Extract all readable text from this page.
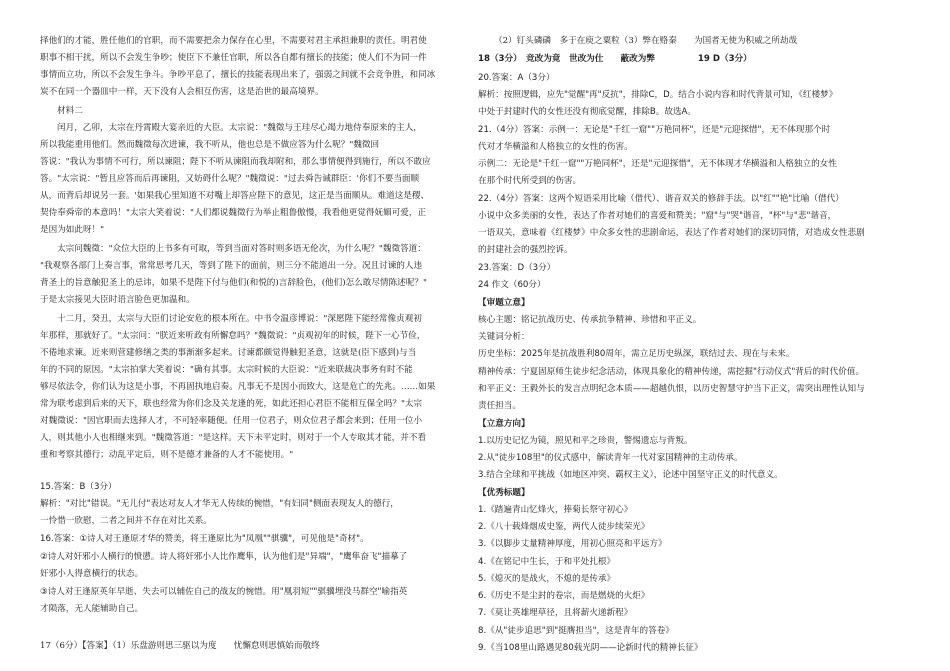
择他们的才能，胜任他们的官职，而不需要把余力保存在心里，不需要对君主承担兼职的责任。明君使
职事不相干扰，所以不会发生争吵；使臣下不兼任官职，所以各自都有擅长的技能；使人们不为同一件
事情而立功，所以不会发生争斗。争吵平息了，擅长的技能表现出来了，强弱之间就不会竞争胜，和同冰
炭不在同一个器皿中一样，天下没有人会相互伤害，这是治世的最高境界。
材料二
闰月，乙卯，太宗在丹霄殿大宴亲近的大臣。太宗说："魏徵与王珪尽心竭力地侍奉原来的主人，
所以我能重用他们。然而魏徵每次进谏，我不听从，他也总是不做应答为什么呢？"魏徵回
答说："我认为事情不可行，所以谏阻；陛下不听从谏阻而我却附和，那么事情便得到施行，所以不敢应
答。"太宗说："暂且应答而后再谏阻，又妨碍什么呢？"魏徵说："过去舜告诫群臣：'你们不要当面顺
从，而背后却说另一套。'如果我心里知道不对嘴上却答应陛下的意见，这正是当面顺从。难道这是稷、
契侍奉舜帝的本意吗！"太宗大笑着说："人们都说魏徵行为举止粗鲁傲慢，我看他更觉得妩媚可爱，正
是因为如此呀！"
太宗问魏徵："众位大臣的上书多有可取，等到当面对答时则多语无伦次，为什么呢？"魏徵答道：
"我观察各部门上奏言事，常常思考几天，等到了陛下的面前，则三分不能道出一分。况且讨谏的人违
背圣上的旨意触犯圣上的忌讳，如果不是陛下付与他们(和悦的)言辞脸色，(他们)怎么敢尽情陈述呢？"
于是太宗接见大臣时语言脸色更加温和。
十二月，癸丑，太宗与大臣们讨论安危的根本所在。中书令温彦博说："深愿陛下能经常像贞观初
年那样，那就好了。"太宗问："朕近来听政有所懈怠吗？"魏徵说："贞观初年的时候，陛下一心节俭，
不倦地求谏。近来则营建修缮之类的事渐渐多起来。讨谏都颇觉得触犯圣意，这就是(臣下感到)与当
年的不同的原因。"太宗拍掌大笑着说："确有其事。太宗时候的大臣说："近来联裁决事务有时不能
够尽依法令，你们认为这是小事，不再固执地启奏。凡事无不是因小而致大，这是危亡的先兆。……如果
常为联考虑到后来的天下，联也经常为你们念及关龙逢的死，如此还担心君臣不能相互保全吗？"太宗
对魏徵说："因官职而去选择人才，不可轻率随便。任用一位君子，则众位君子都会来到；任用一位小
人，则其他小人也相继来到。"魏徵答道："是这样。天下未平定时，则对于一个人专取其才能，并不看
重和考察其德行；动乱平定后，则不是德才兼备的人才不能使用。"
15.答案：B（3分）
解析："对比"错误。"无儿付"表达对友人才华无人传续的惋惜，"有妇同"侧面表现友人的德行，
一怜惜一欣慰，二者之间并不存在对比关系。
16.答案：①诗人对王逢原才华的赞美，将王逢原比为"凤凰""骐骥"，可见他是"奇材"。
②诗人对奸邪小人横行的愤懑。诗人将奸邪小人比作鹰隼，认为他们是"异端"，"鹰隼奋飞"描摹了
奸邪小人得意横行的状态。
③诗人对王逢原英年早逝、失去可以辅佐自己的战友的惋惜。用"凰羽短""骐骥埋没马群空"喻指英
才陨落，无人能辅助自己。
17（6分）【答案】（1）乐盘游则思三驱以为度　　忧懈怠则思慎始而敬终
（2）钉头磷磷　多于在庾之粟粒（3）弊在赂秦　　为国者无使为积威之所劫哉
18（3分）　竞改为竟　世改为仕　　蔽改为弊　　　　　19 D（3分）
20.答案：A（3分）
解析：按照逻辑，应先"觉醒"再"反抗"，排除C，D。结合小说内容和时代背景可知，《红楼梦》
中处于封建时代的女性还没有彻底觉醒，排除B。故选A。
21.（4分）答案：示例一：无论是"千红一窟""万艳同杯"，还是"元迎探惜"，无不体现那个时
代对才华横溢和人格独立的女性的伤害。
示例二：无论是"千红一窟""万艳同杯"，还是"元迎探惜"，无不体现才华横溢和人格独立的女性
在那个时代所受到的伤害。
22.（4分）答案：这两个短语采用比喻（借代）、谐音双关的修辞手法。以"红""艳"比喻（借代）
小说中众多美丽的女性，表达了作者对她们的喜爱和赞美；"窟"与"哭"谐音，"杯"与"悲"谐音，
一语双关，意味着《红楼梦》中众多女性的悲剧命运，表达了作者对她们的深切同情，对造成女性悲剧
的封建社会的强烈控诉。
23.答案：D（3分）
24 作文（60分）
【审题立意】
核心主题：铭记抗战历史、传承抗争精神、珍惜和平正义。
关键词分析：
历史坐标：2025年是抗战胜利80周年，需立足历史纵深，联结过去、现在与未来。
精神传承：宁夏固原师生徒步纪念活动，体现具象化的精神传递，需挖掘"行动仪式"背后的时代价值。
和平正义：王毅外长的发言点明纪念本质——超越仇恨，以历史智慧守护当下正义，需突出理性认知与
责任担当。
【立意方向】
1.以历史记忆为镜，照见和平之珍贵，警惕遗忘与背叛。
2.从"徒步108里"的仪式感中，解读青年一代对家国精神的主动传承。
3.结合全球和平挑战（如地区冲突、霸权主义），论述中国坚守正义的时代意义。
【优秀标题】
1.《踏遍青山忆烽火，捧菊长祭守初心》
2.《八十载烽烟成史鉴，两代人徒步续荣光》
3.《以脚步丈量精神厚度，用初心照亮和平远方》
4.《在铭记中生长，于和平处扎根》
5.《熄灭的是战火，不熄的是传承》
6.《历史不是尘封的卷宗，而是燃烧的火炬》
7.《莫让英雄埋草径，且将薪火递新程》
8.《从"徒步追思"到"挺膺担当"，这是青年的答卷》
9.《当108里山路遇见80载光阴——论新时代的精神长征》
